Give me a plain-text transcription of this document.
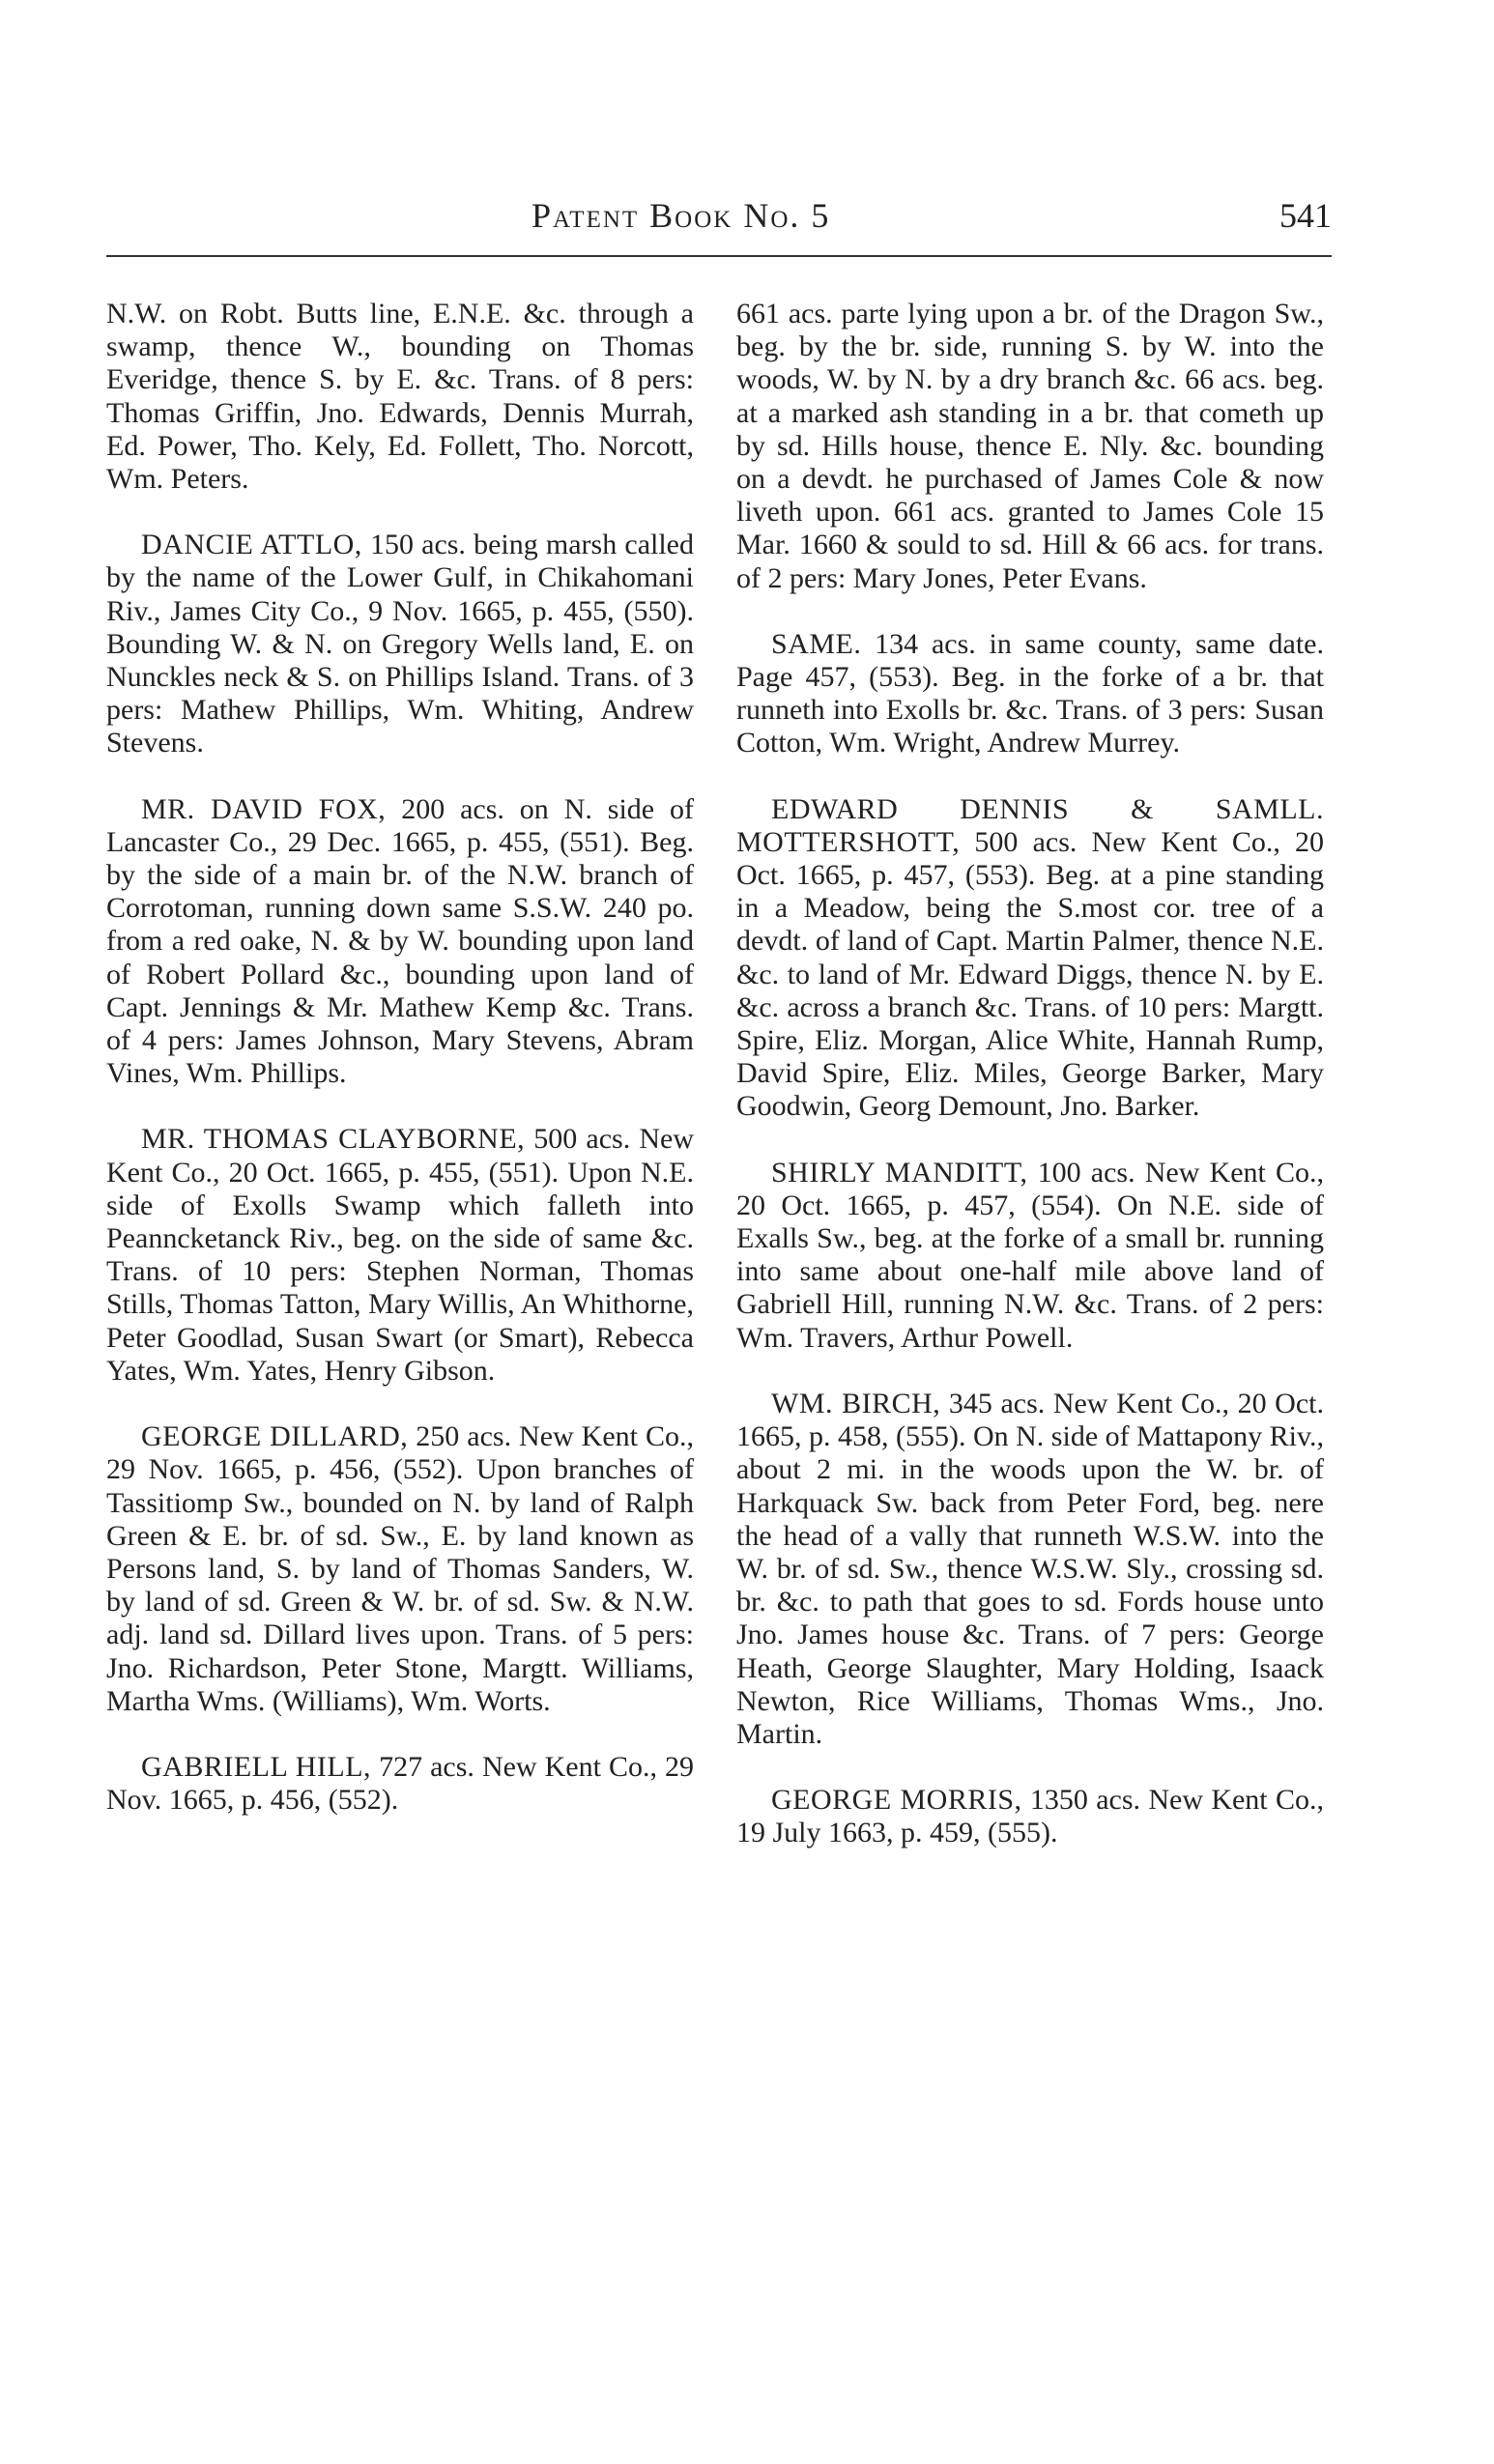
Patent Book No. 5	541
N.W. on Robt. Butts line, E.N.E. &c. through a swamp, thence W., bounding on Thomas Everidge, thence S. by E. &c. Trans. of 8 pers: Thomas Griffin, Jno. Edwards, Dennis Murrah, Ed. Power, Tho. Kely, Ed. Follett, Tho. Norcott, Wm. Peters.
DANCIE ATTLO, 150 acs. being marsh called by the name of the Lower Gulf, in Chikahomani Riv., James City Co., 9 Nov. 1665, p. 455, (550). Bounding W. & N. on Gregory Wells land, E. on Nunckles neck & S. on Phillips Island. Trans. of 3 pers: Mathew Phillips, Wm. Whiting, Andrew Stevens.
MR. DAVID FOX, 200 acs. on N. side of Lancaster Co., 29 Dec. 1665, p. 455, (551). Beg. by the side of a main br. of the N.W. branch of Corrotoman, running down same S.S.W. 240 po. from a red oake, N. & by W. bounding upon land of Robert Pollard &c., bounding upon land of Capt. Jennings & Mr. Mathew Kemp &c. Trans. of 4 pers: James Johnson, Mary Stevens, Abram Vines, Wm. Phillips.
MR. THOMAS CLAYBORNE, 500 acs. New Kent Co., 20 Oct. 1665, p. 455, (551). Upon N.E. side of Exolls Swamp which falleth into Peanncketanck Riv., beg. on the side of same &c. Trans. of 10 pers: Stephen Norman, Thomas Stills, Thomas Tatton, Mary Willis, An Whithorne, Peter Goodlad, Susan Swart (or Smart), Rebecca Yates, Wm. Yates, Henry Gibson.
GEORGE DILLARD, 250 acs. New Kent Co., 29 Nov. 1665, p. 456, (552). Upon branches of Tassitiomp Sw., bounded on N. by land of Ralph Green & E. br. of sd. Sw., E. by land known as Persons land, S. by land of Thomas Sanders, W. by land of sd. Green & W. br. of sd. Sw. & N.W. adj. land sd. Dillard lives upon. Trans. of 5 pers: Jno. Richardson, Peter Stone, Margtt. Williams, Martha Wms. (Williams), Wm. Worts.
GABRIELL HILL, 727 acs. New Kent Co., 29 Nov. 1665, p. 456, (552).
661 acs. parte lying upon a br. of the Dragon Sw., beg. by the br. side, running S. by W. into the woods, W. by N. by a dry branch &c. 66 acs. beg. at a marked ash standing in a br. that cometh up by sd. Hills house, thence E. Nly. &c. bounding on a devdt. he purchased of James Cole & now liveth upon. 661 acs. granted to James Cole 15 Mar. 1660 & sould to sd. Hill & 66 acs. for trans. of 2 pers: Mary Jones, Peter Evans.
SAME. 134 acs. in same county, same date. Page 457, (553). Beg. in the forke of a br. that runneth into Exolls br. &c. Trans. of 3 pers: Susan Cotton, Wm. Wright, Andrew Murrey.
EDWARD DENNIS & SAMLL. MOTTERSHOTT, 500 acs. New Kent Co., 20 Oct. 1665, p. 457, (553). Beg. at a pine standing in a Meadow, being the S.most cor. tree of a devdt. of land of Capt. Martin Palmer, thence N.E. &c. to land of Mr. Edward Diggs, thence N. by E. &c. across a branch &c. Trans. of 10 pers: Margtt. Spire, Eliz. Morgan, Alice White, Hannah Rump, David Spire, Eliz. Miles, George Barker, Mary Goodwin, Georg Demount, Jno. Barker.
SHIRLY MANDITT, 100 acs. New Kent Co., 20 Oct. 1665, p. 457, (554). On N.E. side of Exalls Sw., beg. at the forke of a small br. running into same about one-half mile above land of Gabriell Hill, running N.W. &c. Trans. of 2 pers: Wm. Travers, Arthur Powell.
WM. BIRCH, 345 acs. New Kent Co., 20 Oct. 1665, p. 458, (555). On N. side of Mattapony Riv., about 2 mi. in the woods upon the W. br. of Harkquack Sw. back from Peter Ford, beg. nere the head of a vally that runneth W.S.W. into the W. br. of sd. Sw., thence W.S.W. Sly., crossing sd. br. &c. to path that goes to sd. Fords house unto Jno. James house &c. Trans. of 7 pers: George Heath, George Slaughter, Mary Holding, Isaack Newton, Rice Williams, Thomas Wms., Jno. Martin.
GEORGE MORRIS, 1350 acs. New Kent Co., 19 July 1663, p. 459, (555).
